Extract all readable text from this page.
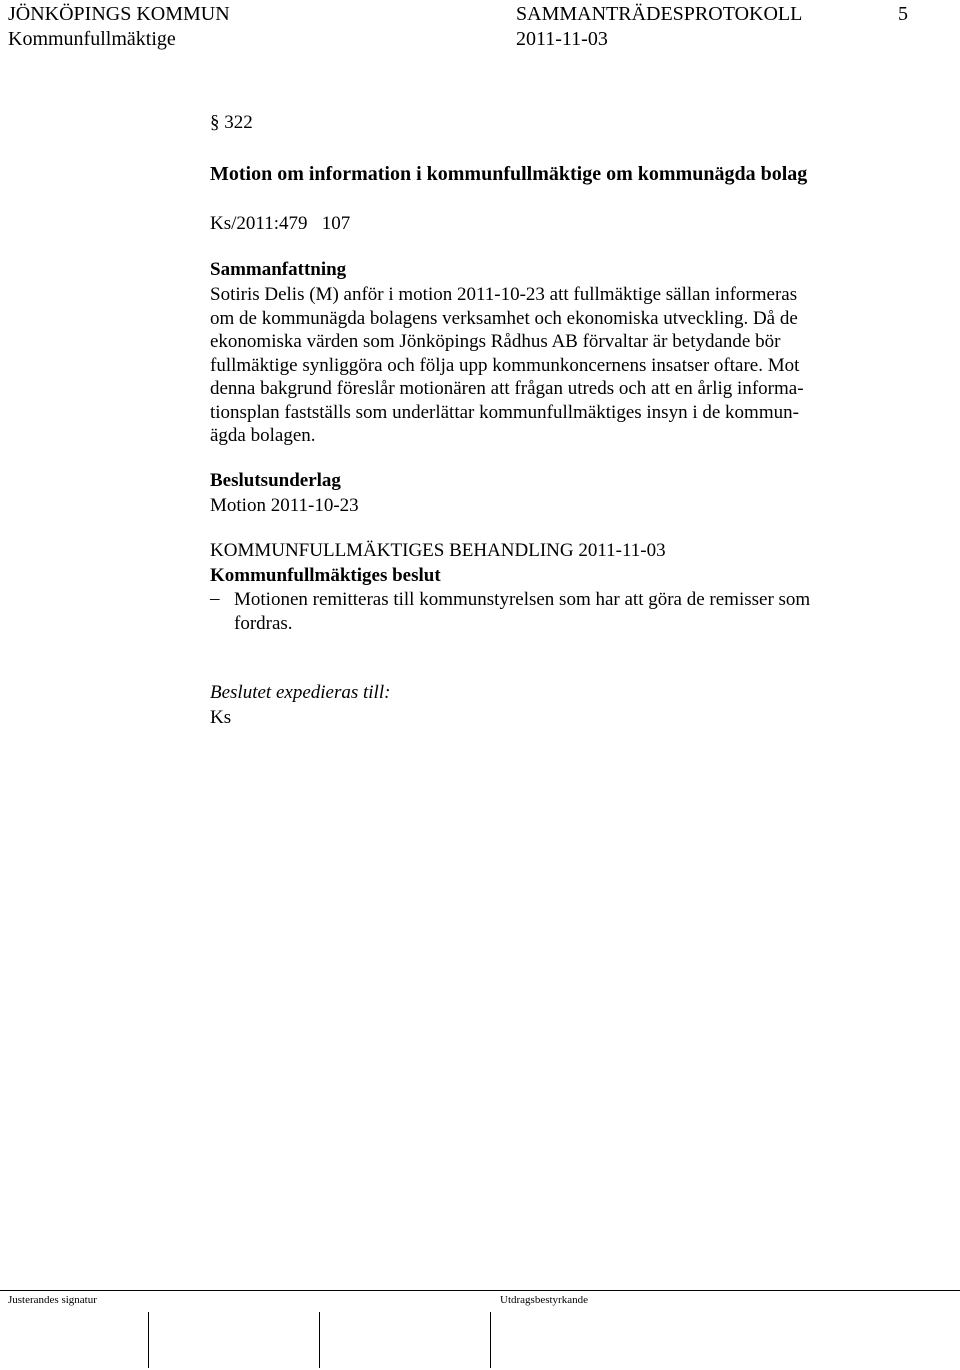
JÖNKÖPINGS KOMMUN	SAMMANTRÄDESPROTOKOLL	5
Kommunfullmäktige	2011-11-03
§ 322
Motion om information i kommunfullmäktige om kommunägda bolag
Ks/2011:479   107
Sammanfattning
Sotiris Delis (M) anför i motion 2011-10-23 att fullmäktige sällan informeras
om de kommunägda bolagens verksamhet och ekonomiska utveckling. Då de
ekonomiska värden som Jönköpings Rådhus AB förvaltar är betydande bör
fullmäktige synliggöra och följa upp kommunkoncernens insatser oftare. Mot
denna bakgrund föreslår motionären att frågan utreds och att en årlig informa-
tionsplan fastställs som underlättar kommunfullmäktiges insyn i de kommun-
ägda bolagen.
Beslutsunderlag
Motion 2011-10-23
KOMMUNFULLMÄKTIGES BEHANDLING 2011-11-03
Kommunfullmäktiges beslut
– Motionen remitteras till kommunstyrelsen som har att göra de remisser som
fordras.
Beslutet expedieras till:
Ks
Justerandes signatur	Utdragsbestyrkande
